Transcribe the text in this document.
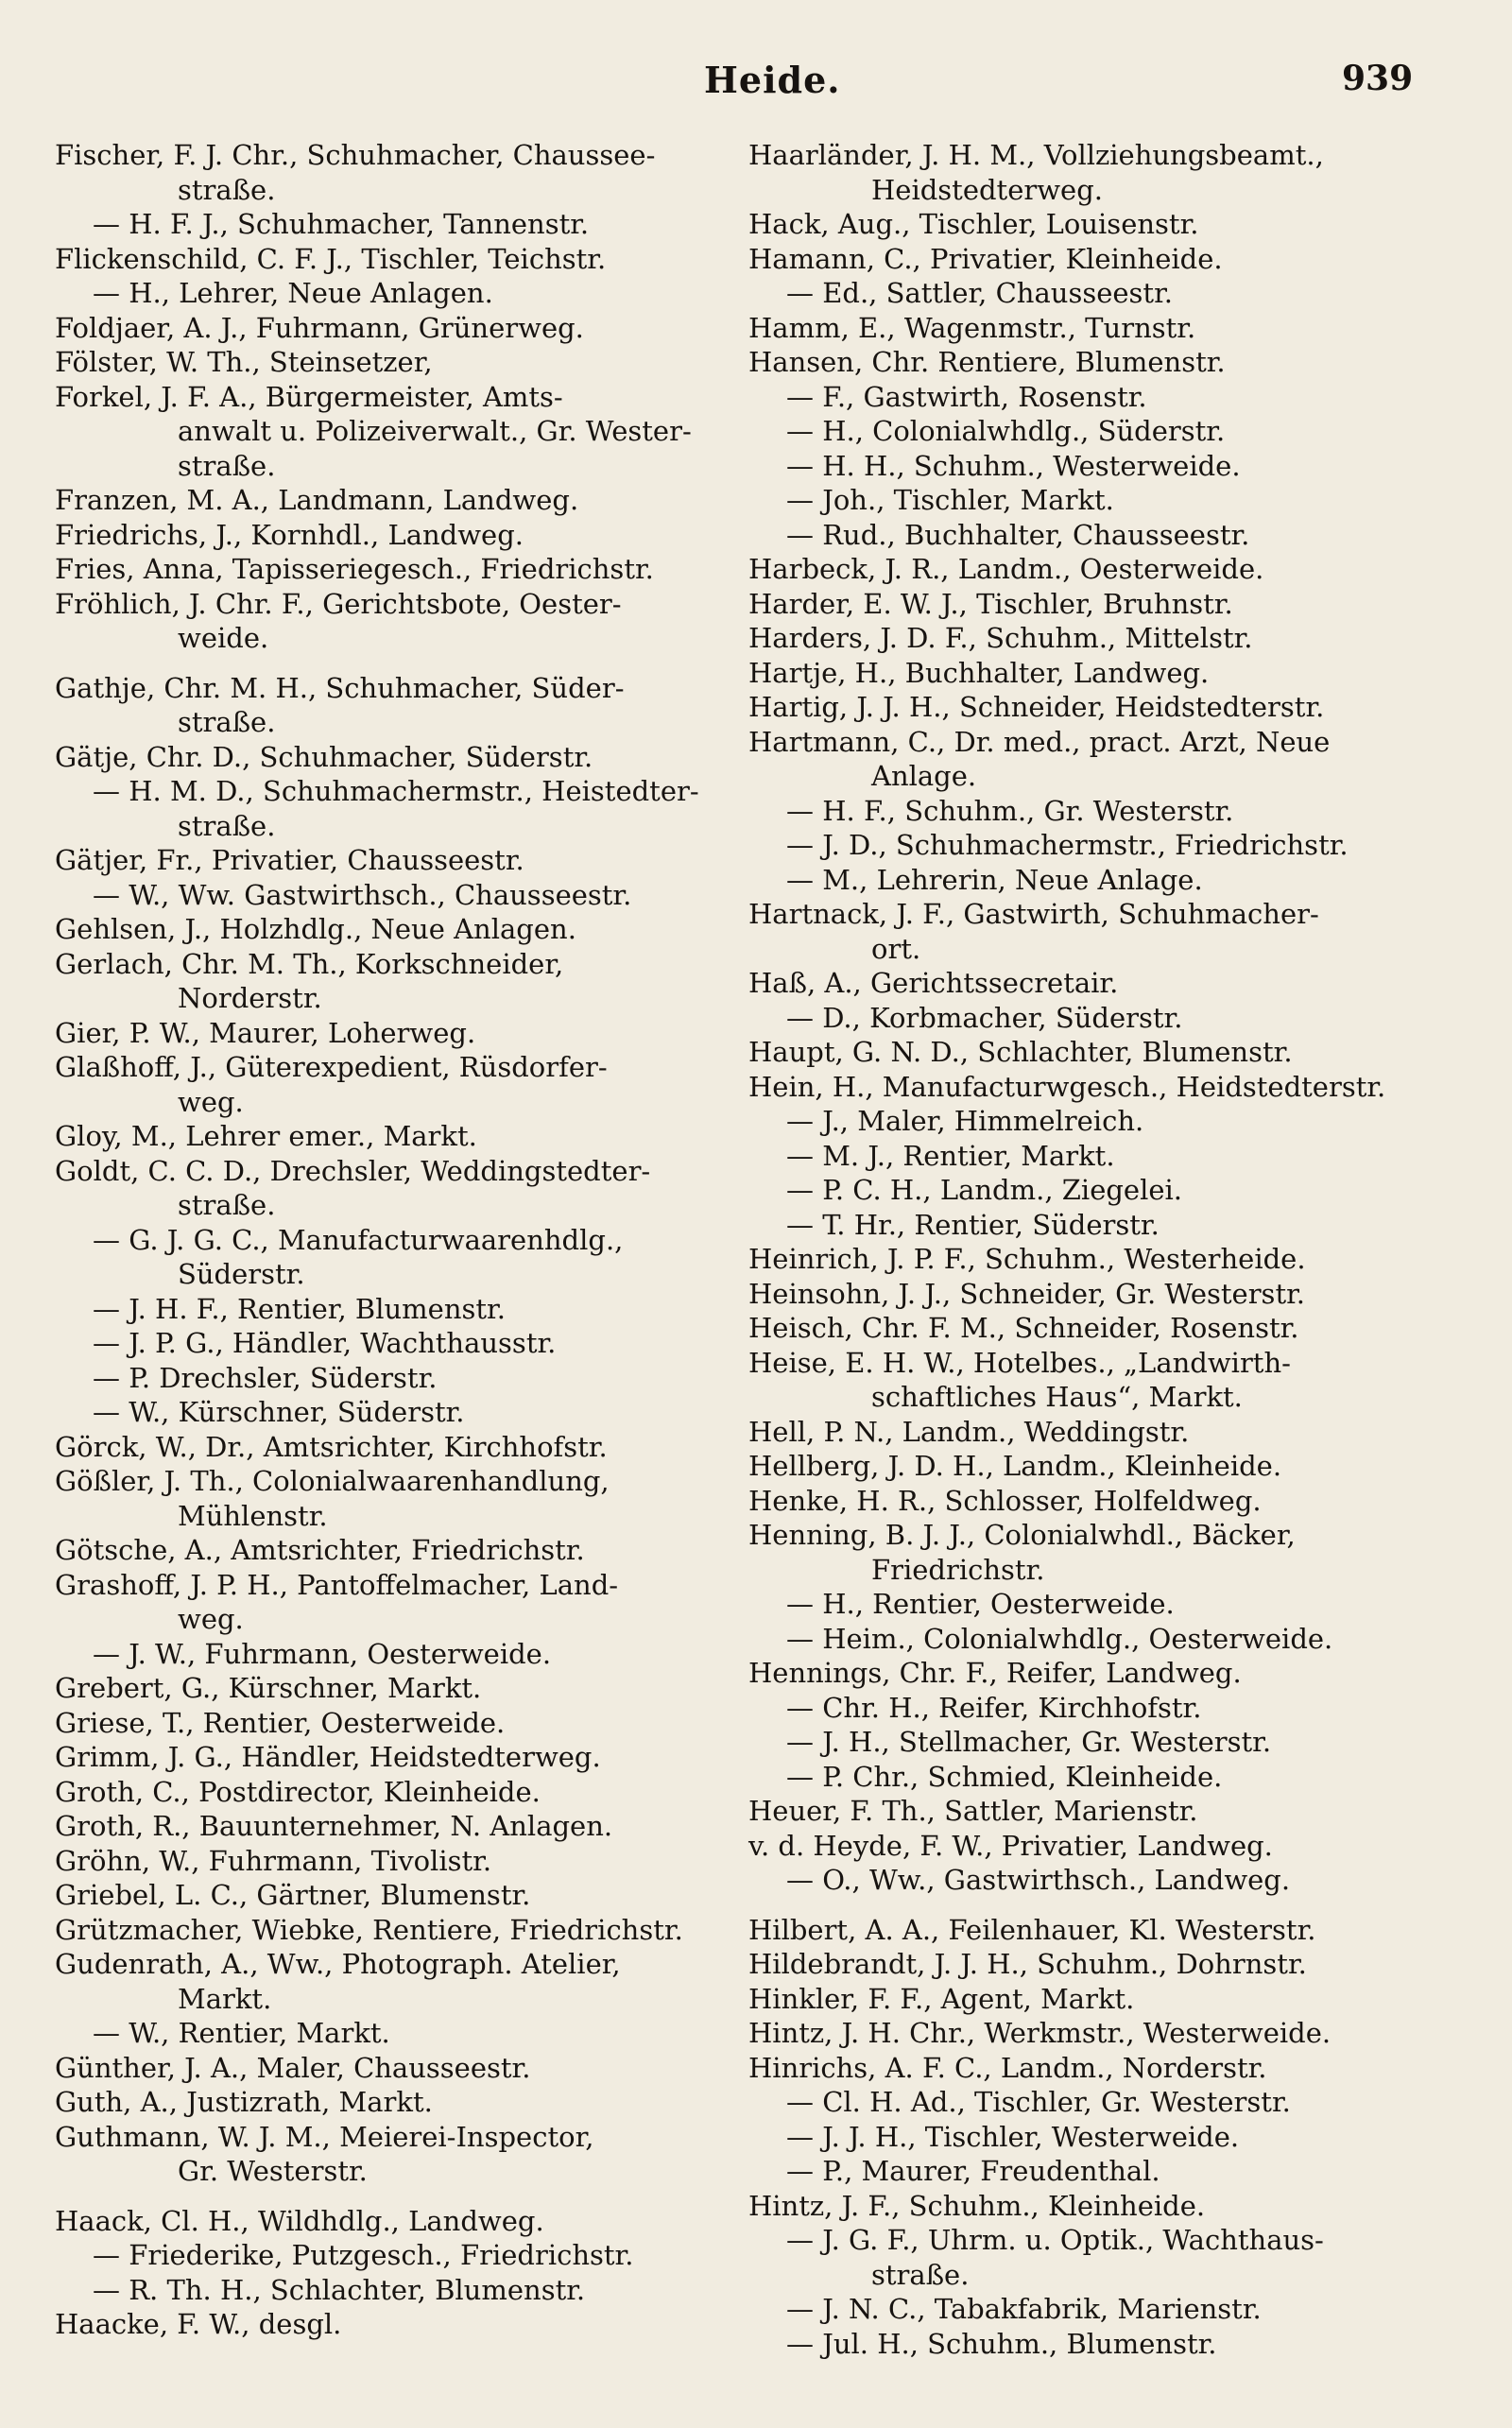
Heide.	939
Fischer, F. J. Chr., Schuhmacher, Chaussee-
straße.
— H. F. J., Schuhmacher, Tannenstr.
Flickenschild, C. F. J., Tischler, Teichstr.
— H., Lehrer, Neue Anlagen.
Foldjaer, A. J., Fuhrmann, Grünerweg.
Fölster, W. Th., Steinsetzer,
Forkel, J. F. A., Bürgermeister, Amts-
anwalt u. Polizeiverwalt., Gr. Wester-
straße.
Franzen, M. A., Landmann, Landweg.
Friedrichs, J., Kornhdl., Landweg.
Fries, Anna, Tapisseriegesch., Friedrichstr.
Fröhlich, J. Chr. F., Gerichtsbote, Oester-
weide.
Gathje, Chr. M. H., Schuhmacher, Süder-
straße.
Gätje, Chr. D., Schuhmacher, Süderstr.
— H. M. D., Schuhmachermstr., Heistedter-
straße.
Gätjer, Fr., Privatier, Chausseestr.
— W., Ww. Gastwirthsch., Chausseestr.
Gehlsen, J., Holzhdlg., Neue Anlagen.
Gerlach, Chr. M. Th., Korkschneider,
Norderstr.
Gier, P. W., Maurer, Loherweg.
Glaßhoff, J., Güterexpedient, Rüsdorfer-
weg.
Gloy, M., Lehrer emer., Markt.
Goldt, C. C. D., Drechsler, Weddingstedter-
straße.
— G. J. G. C., Manufacturwaarenhdlg.,
Süderstr.
— J. H. F., Rentier, Blumenstr.
— J. P. G., Händler, Wachthausstr.
— P. Drechsler, Süderstr.
— W., Kürschner, Süderstr.
Görck, W., Dr., Amtsrichter, Kirchhofstr.
Gößler, J. Th., Colonialwaarenhandlung,
Mühlenstr.
Götsche, A., Amtsrichter, Friedrichstr.
Grashoff, J. P. H., Pantoffelmacher, Land-
weg.
— J. W., Fuhrmann, Oesterweide.
Grebert, G., Kürschner, Markt.
Griese, T., Rentier, Oesterweide.
Grimm, J. G., Händler, Heidstedterweg.
Groth, C., Postdirector, Kleinheide.
Groth, R., Bauunternehmer, N. Anlagen.
Gröhn, W., Fuhrmann, Tivolistr.
Griebel, L. C., Gärtner, Blumenstr.
Grützmacher, Wiebke, Rentiere, Friedrichstr.
Gudenrath, A., Ww., Photograph. Atelier,
Markt.
— W., Rentier, Markt.
Günther, J. A., Maler, Chausseestr.
Guth, A., Justizrath, Markt.
Guthmann, W. J. M., Meierei-Inspector,
Gr. Westerstr.
Haack, Cl. H., Wildhdlg., Landweg.
— Friederike, Putzgesch., Friedrichstr.
— R. Th. H., Schlachter, Blumenstr.
Haacke, F. W., desgl.
Haarländer, J. H. M., Vollziehungsbeamt.,
Heidstedterweg.
Hack, Aug., Tischler, Louisenstr.
Hamann, C., Privatier, Kleinheide.
— Ed., Sattler, Chausseestr.
Hamm, E., Wagenmstr., Turnstr.
Hansen, Chr. Rentiere, Blumenstr.
— F., Gastwirth, Rosenstr.
— H., Colonialwhdlg., Süderstr.
— H. H., Schuhm., Westerweide.
— Joh., Tischler, Markt.
— Rud., Buchhalter, Chausseestr.
Harbeck, J. R., Landm., Oesterweide.
Harder, E. W. J., Tischler, Bruhnstr.
Harders, J. D. F., Schuhm., Mittelstr.
Hartje, H., Buchhalter, Landweg.
Hartig, J. J. H., Schneider, Heidstedterstr.
Hartmann, C., Dr. med., pract. Arzt, Neue
Anlage.
— H. F., Schuhm., Gr. Westerstr.
— J. D., Schuhmachermstr., Friedrichstr.
— M., Lehrerin, Neue Anlage.
Hartnack, J. F., Gastwirth, Schuhmacher-
ort.
Haß, A., Gerichtssecretair.
— D., Korbmacher, Süderstr.
Haupt, G. N. D., Schlachter, Blumenstr.
Hein, H., Manufacturwgesch., Heidstedterstr.
— J., Maler, Himmelreich.
— M. J., Rentier, Markt.
— P. C. H., Landm., Ziegelei.
— T. Hr., Rentier, Süderstr.
Heinrich, J. P. F., Schuhm., Westerheide.
Heinsohn, J. J., Schneider, Gr. Westerstr.
Heisch, Chr. F. M., Schneider, Rosenstr.
Heise, E. H. W., Hotelbes., „Landwirth-
schaftliches Haus“, Markt.
Hell, P. N., Landm., Weddingstr.
Hellberg, J. D. H., Landm., Kleinheide.
Henke, H. R., Schlosser, Holfeldweg.
Henning, B. J. J., Colonialwhdl., Bäcker,
Friedrichstr.
— H., Rentier, Oesterweide.
— Heim., Colonialwhdlg., Oesterweide.
Hennings, Chr. F., Reifer, Landweg.
— Chr. H., Reifer, Kirchhofstr.
— J. H., Stellmacher, Gr. Westerstr.
— P. Chr., Schmied, Kleinheide.
Heuer, F. Th., Sattler, Marienstr.
v. d. Heyde, F. W., Privatier, Landweg.
— O., Ww., Gastwirthsch., Landweg.
Hilbert, A. A., Feilenhauer, Kl. Westerstr.
Hildebrandt, J. J. H., Schuhm., Dohrnstr.
Hinkler, F. F., Agent, Markt.
Hintz, J. H. Chr., Werkmstr., Westerweide.
Hinrichs, A. F. C., Landm., Norderstr.
— Cl. H. Ad., Tischler, Gr. Westerstr.
— J. J. H., Tischler, Westerweide.
— P., Maurer, Freudenthal.
Hintz, J. F., Schuhm., Kleinheide.
— J. G. F., Uhrm. u. Optik., Wachthaus-
straße.
— J. N. C., Tabakfabrik, Marienstr.
— Jul. H., Schuhm., Blumenstr.
